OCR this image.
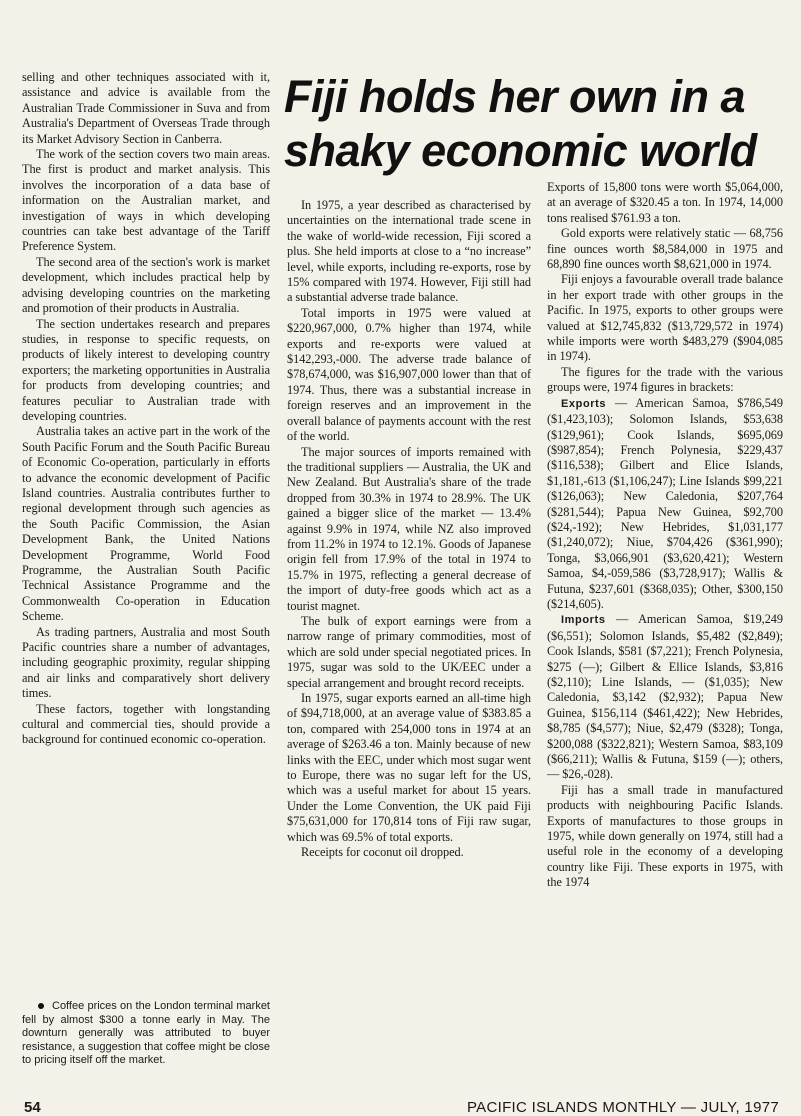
selling and other techniques associated with it, assistance and advice is available from the Australian Trade Commissioner in Suva and from Australia's Department of Overseas Trade through its Market Advisory Section in Canberra.

The work of the section covers two main areas. The first is product and market analysis. This involves the incorporation of a data base of information on the Australian market, and investigation of ways in which developing countries can take best advantage of the Tariff Preference System.

The second area of the section's work is market development, which includes practical help by advising developing countries on the marketing and promotion of their products in Australia.

The section undertakes research and prepares studies, in response to specific requests, on products of likely interest to developing country exporters; the marketing opportunities in Australia for products from developing countries; and features peculiar to Australian trade with developing countries.

Australia takes an active part in the work of the South Pacific Forum and the South Pacific Bureau of Economic Co-operation, particularly in efforts to advance the economic development of Pacific Island countries. Australia contributes further to regional development through such agencies as the South Pacific Commission, the Asian Development Bank, the United Nations Development Programme, World Food Programme, the Australian South Pacific Technical Assistance Programme and the Commonwealth Co-operation in Education Scheme.

As trading partners, Australia and most South Pacific countries share a number of advantages, including geographic proximity, regular shipping and air links and comparatively short delivery times.

These factors, together with longstanding cultural and commercial ties, should provide a background for continued economic co-operation.

Coffee prices on the London terminal market fell by almost $300 a tonne early in May. The downturn generally was attributed to buyer resistance, a suggestion that coffee might be close to pricing itself off the market.

Fiji holds her own in a shaky economic world

In 1975, a year described as characterised by uncertainties on the international trade scene in the wake of world-wide recession, Fiji scored a plus. She held imports at close to a “no increase” level, while exports, including re-exports, rose by 15% compared with 1974. However, Fiji still had a substantial adverse trade balance.

Total imports in 1975 were valued at $220,967,000, 0.7% higher than 1974, while exports and re-exports were valued at $142,293,-000. The adverse trade balance of $78,674,000, was $16,907,000 lower than that of 1974. Thus, there was a substantial increase in foreign reserves and an improvement in the overall balance of payments account with the rest of the world.

The major sources of imports remained with the traditional suppliers — Australia, the UK and New Zealand. But Australia's share of the trade dropped from 30.3% in 1974 to 28.9%. The UK gained a bigger slice of the market — 13.4% against 9.9% in 1974, while NZ also improved from 11.2% in 1974 to 12.1%. Goods of Japanese origin fell from 17.9% of the total in 1974 to 15.7% in 1975, reflecting a general decrease of the import of duty-free goods which act as a tourist magnet.

The bulk of export earnings were from a narrow range of primary commodities, most of which are sold under special negotiated prices. In 1975, sugar was sold to the UK/EEC under a special arrangement and brought record receipts.

In 1975, sugar exports earned an all-time high of $94,718,000, at an average value of $383.85 a ton, compared with 254,000 tons in 1974 at an average of $263.46 a ton. Mainly because of new links with the EEC, under which most sugar went to Europe, there was no sugar left for the US, which was a useful market for about 15 years. Under the Lome Convention, the UK paid Fiji $75,631,000 for 170,814 tons of Fiji raw sugar, which was 69.5% of total exports.

Receipts for coconut oil dropped.

Exports of 15,800 tons were worth $5,064,000, at an average of $320.45 a ton. In 1974, 14,000 tons realised $761.93 a ton.

Gold exports were relatively static — 68,756 fine ounces worth $8,584,000 in 1975 and 68,890 fine ounces worth $8,621,000 in 1974.

Fiji enjoys a favourable overall trade balance in her export trade with other groups in the Pacific. In 1975, exports to other groups were valued at $12,745,832 ($13,729,572 in 1974) while imports were worth $483,279 ($904,085 in 1974).

The figures for the trade with the various groups were, 1974 figures in brackets:

Exports — American Samoa, $786,549 ($1,423,103); Solomon Islands, $53,638 ($129,961); Cook Islands, $695,069 ($987,854); French Polynesia, $229,437 ($116,538); Gilbert and Elice Islands, $1,181,-613 ($1,106,247); Line Islands $99,221 ($126,063); New Caledonia, $207,764 ($281,544); Papua New Guinea, $92,700 ($24,-192); New Hebrides, $1,031,177 ($1,240,072); Niue, $704,426 ($361,990); Tonga, $3,066,901 ($3,620,421); Western Samoa, $4,-059,586 ($3,728,917); Wallis & Futuna, $237,601 ($368,035); Other, $300,150 ($214,605).

Imports — American Samoa, $19,249 ($6,551); Solomon Islands, $5,482 ($2,849); Cook Islands, $581 ($7,221); French Polynesia, $275 (—); Gilbert & Ellice Islands, $3,816 ($2,110); Line Islands, — ($1,035); New Caledonia, $3,142 ($2,932); Papua New Guinea, $156,114 ($461,422); New Hebrides, $8,785 ($4,577); Niue, $2,479 ($328); Tonga, $200,088 ($322,821); Western Samoa, $83,109 ($66,211); Wallis & Futuna, $159 (—); others, — $26,-028).

Fiji has a small trade in manufactured products with neighbouring Pacific Islands. Exports of manufactures to those groups in 1975, while down generally on 1974, still had a useful role in the economy of a developing country like Fiji. These exports in 1975, with the 1974

54	PACIFIC ISLANDS MONTHLY — JULY, 1977
